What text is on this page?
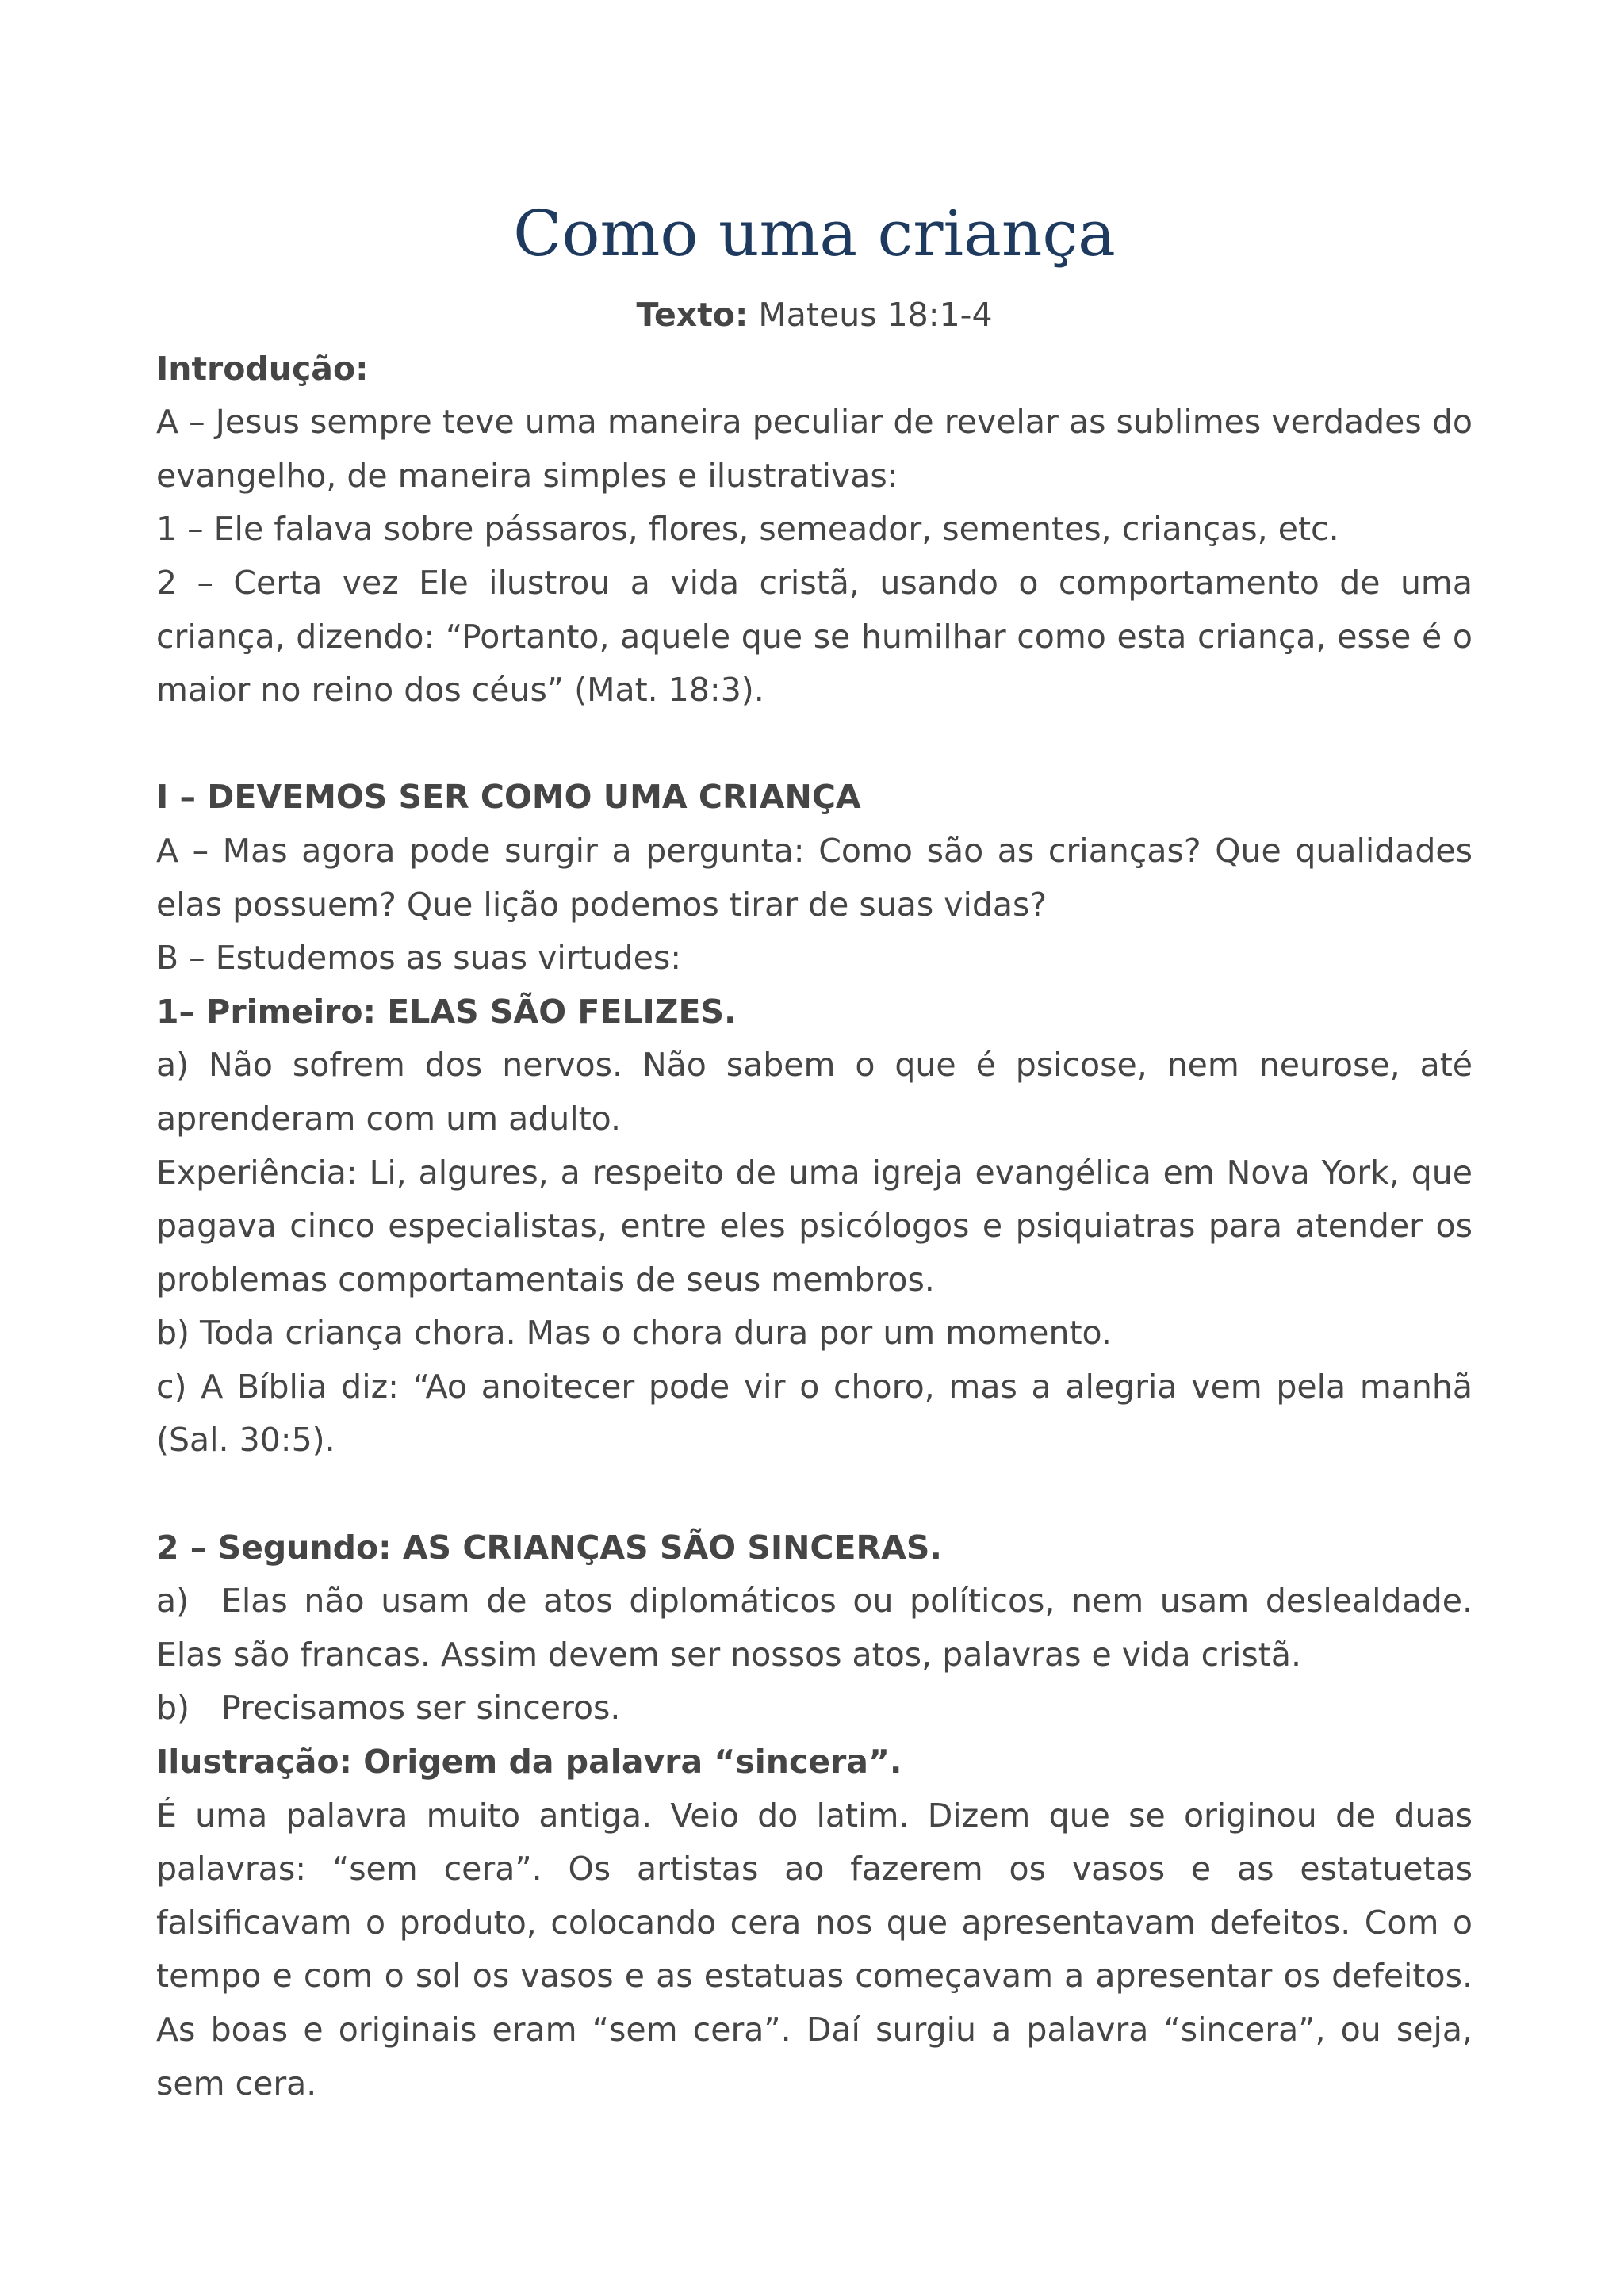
Como uma criança

Texto: Mateus 18:1-4

Introdução:

A – Jesus sempre teve uma maneira peculiar de revelar as sublimes verdades do evangelho, de maneira simples e ilustrativas:

1 – Ele falava sobre pássaros, flores, semeador, sementes, crianças, etc.

2 – Certa vez Ele ilustrou a vida cristã, usando o comportamento de uma criança, dizendo: “Portanto, aquele que se humilhar como esta criança, esse é o maior no reino dos céus” (Mat. 18:3).

I – DEVEMOS SER COMO UMA CRIANÇA

A – Mas agora pode surgir a pergunta: Como são as crianças? Que qualidades elas possuem? Que lição podemos tirar de suas vidas?

B – Estudemos as suas virtudes:

1– Primeiro: ELAS SÃO FELIZES.

a) Não sofrem dos nervos. Não sabem o que é psicose, nem neurose, até aprenderam com um adulto.

Experiência: Li, algures, a respeito de uma igreja evangélica em Nova York, que pagava cinco especialistas, entre eles psicólogos e psiquiatras para atender os problemas comportamentais de seus membros.

b) Toda criança chora. Mas o chora dura por um momento.

c) A Bíblia diz: “Ao anoitecer pode vir o choro, mas a alegria vem pela manhã (Sal. 30:5).

2 – Segundo: AS CRIANÇAS SÃO SINCERAS.

a) Elas não usam de atos diplomáticos ou políticos, nem usam deslealdade. Elas são francas. Assim devem ser nossos atos, palavras e vida cristã.

b) Precisamos ser sinceros.

Ilustração: Origem da palavra “sincera”.

É uma palavra muito antiga. Veio do latim. Dizem que se originou de duas palavras: “sem cera”. Os artistas ao fazerem os vasos e as estatuetas falsificavam o produto, colocando cera nos que apresentavam defeitos. Com o tempo e com o sol os vasos e as estatuas começavam a apresentar os defeitos. As boas e originais eram “sem cera”. Daí surgiu a palavra “sincera”, ou seja, sem cera.
